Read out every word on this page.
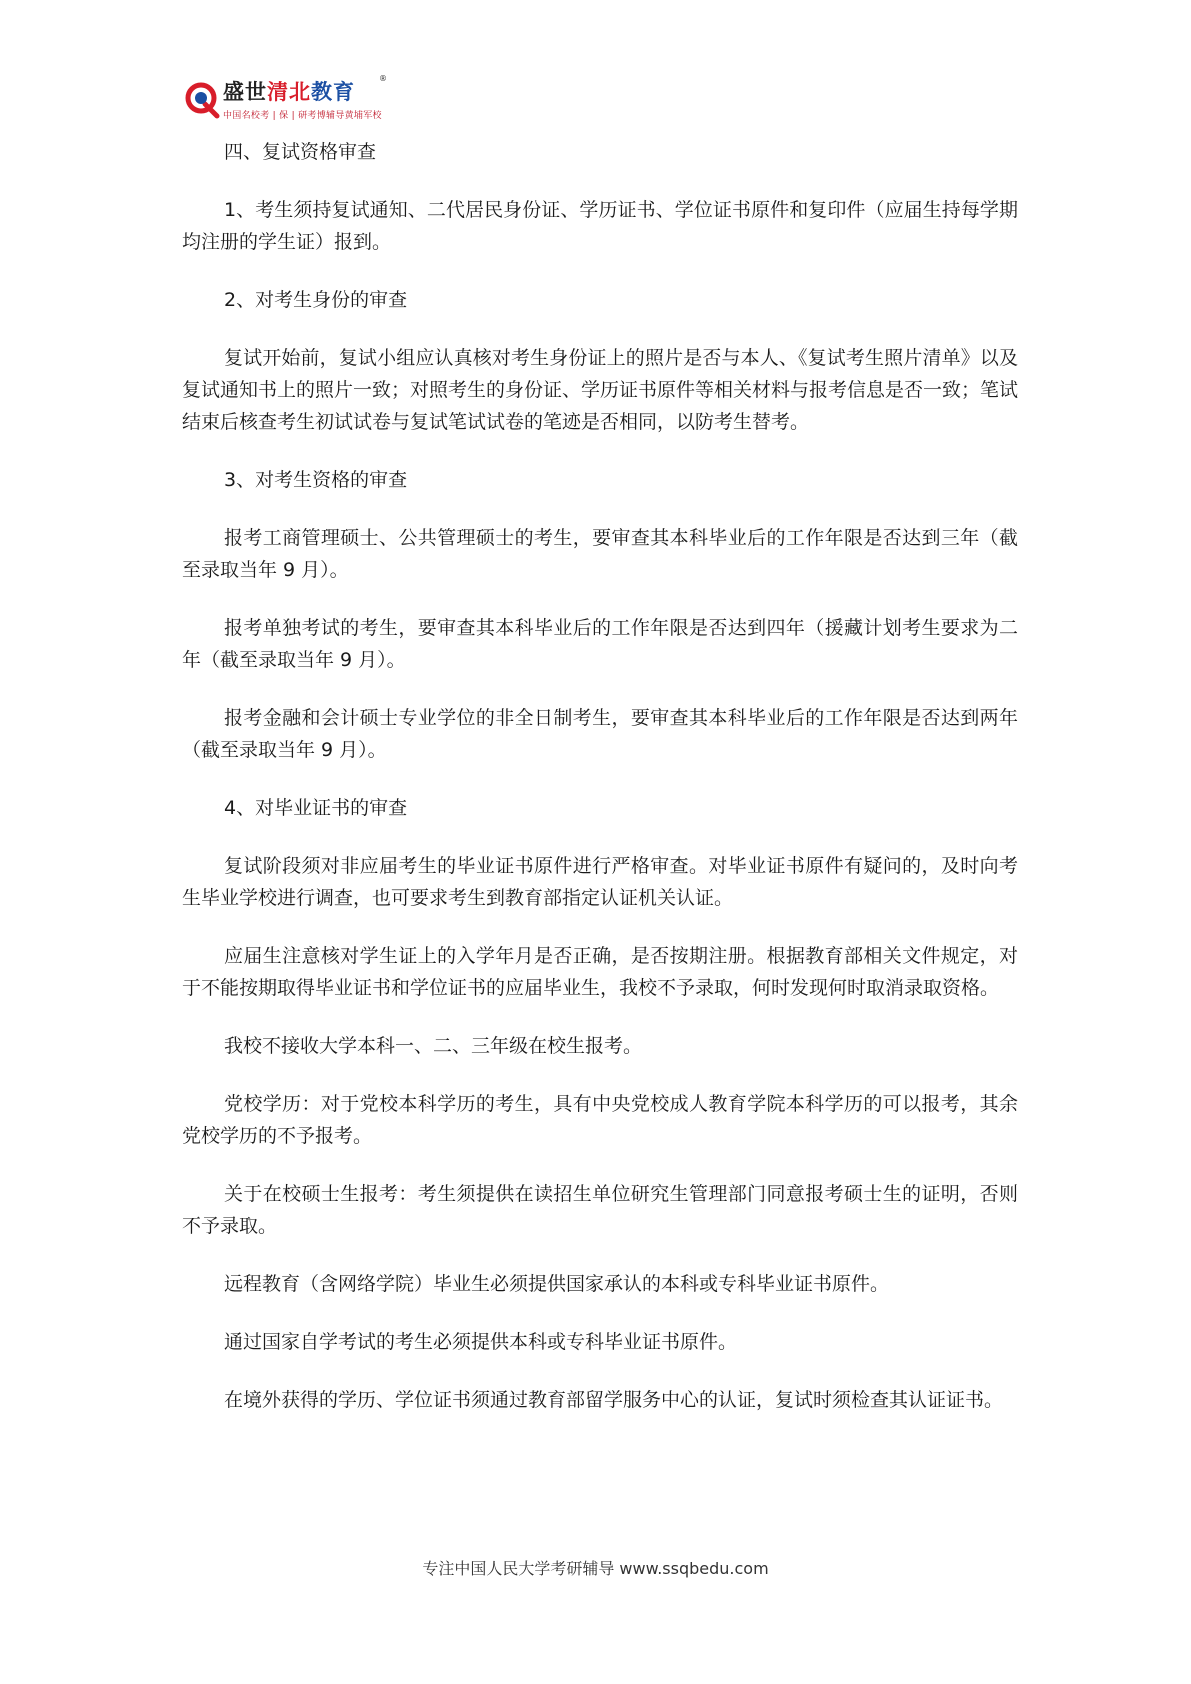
盛世清北教育
®
中国名校考 | 保 | 研考博辅导黄埔军校

四、复试资格审查

1、考生须持复试通知、二代居民身份证、学历证书、学位证书原件和复印件（应届生持每学期均注册的学生证）报到。

2、对考生身份的审查

复试开始前，复试小组应认真核对考生身份证上的照片是否与本人、《复试考生照片清单》以及复试通知书上的照片一致；对照考生的身份证、学历证书原件等相关材料与报考信息是否一致；笔试结束后核查考生初试试卷与复试笔试试卷的笔迹是否相同，以防考生替考。

3、对考生资格的审查

报考工商管理硕士、公共管理硕士的考生，要审查其本科毕业后的工作年限是否达到三年（截至录取当年 9 月）。

报考单独考试的考生，要审查其本科毕业后的工作年限是否达到四年（援藏计划考生要求为二年（截至录取当年 9 月）。

报考金融和会计硕士专业学位的非全日制考生，要审查其本科毕业后的工作年限是否达到两年（截至录取当年 9 月）。

4、对毕业证书的审查

复试阶段须对非应届考生的毕业证书原件进行严格审查。对毕业证书原件有疑问的，及时向考生毕业学校进行调查，也可要求考生到教育部指定认证机关认证。

应届生注意核对学生证上的入学年月是否正确，是否按期注册。根据教育部相关文件规定，对于不能按期取得毕业证书和学位证书的应届毕业生，我校不予录取，何时发现何时取消录取资格。

我校不接收大学本科一、二、三年级在校生报考。

党校学历：对于党校本科学历的考生，具有中央党校成人教育学院本科学历的可以报考，其余党校学历的不予报考。

关于在校硕士生报考：考生须提供在读招生单位研究生管理部门同意报考硕士生的证明，否则不予录取。

远程教育（含网络学院）毕业生必须提供国家承认的本科或专科毕业证书原件。

通过国家自学考试的考生必须提供本科或专科毕业证书原件。

在境外获得的学历、学位证书须通过教育部留学服务中心的认证，复试时须检查其认证证书。

专注中国人民大学考研辅导 www.ssqbedu.com
